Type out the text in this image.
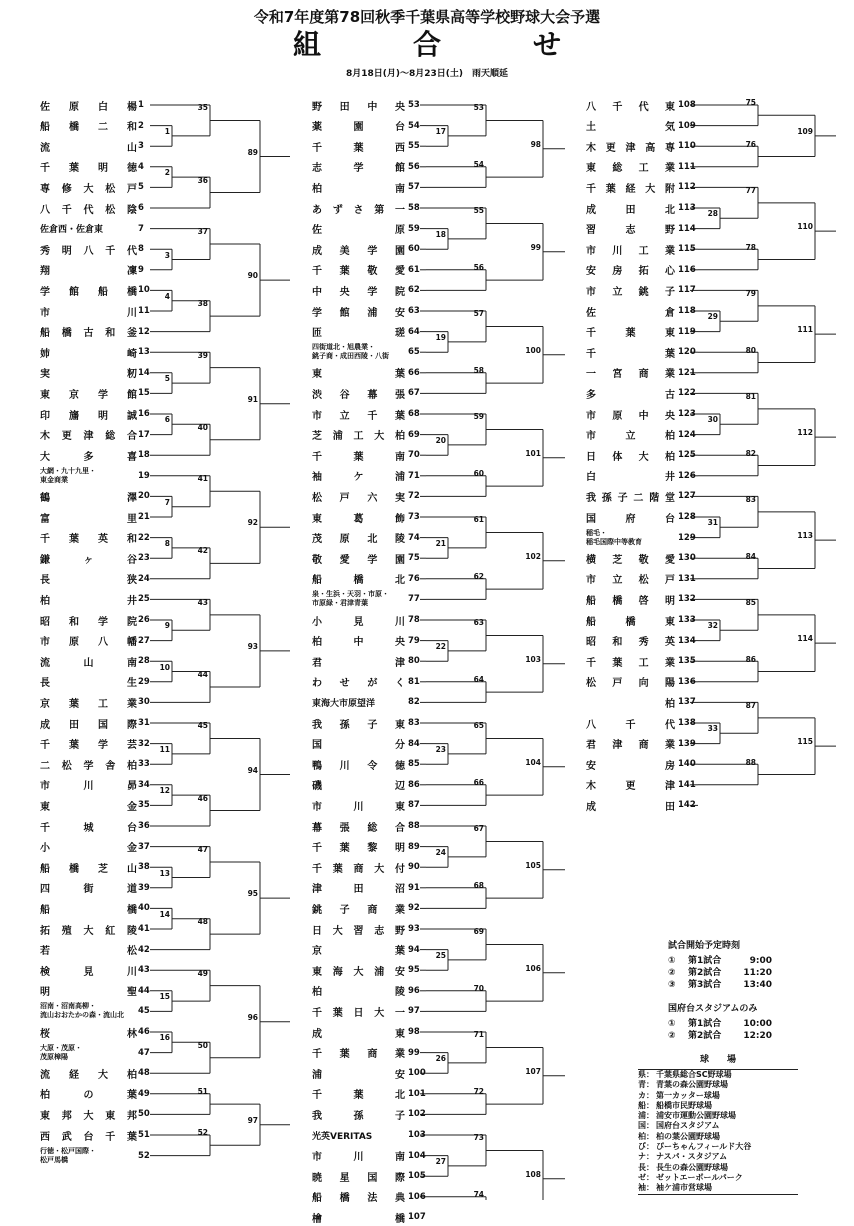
令和7年度第78回秋季千葉県高等学校野球大会予選
組　合　せ
8月18日(月)～8月23日(土)　雨天順延
佐 原 白 楊 1
船 橋 二 和 2
流	山 3
千 葉 明 徳 4
専 修 大 松 戸 5
八 千 代 松 陰 6
佐倉西・佐倉東	7
秀 明 八 千 代 8
翔	凜 9
学 館 船 橋 10
市	川 11
船 橋 古 和 釜 12
姉	崎 13
実	籾 14
東 京 学 館 15
印 旛 明 誠 16
木 更 津 総 合 17
大	多	喜 18
大網・九十九里・
東金商業	19
鶴	澤 20
富	里 21
千 葉 英 和 22
鎌	ヶ	谷 23
長	狭 24
柏	井 25
昭 和 学 院 26
市 原 八 幡 27
流	山	南 28
長	生 29
京 葉 工 業 30
成 田 国 際 31
千 葉 学 芸 32
二 松 学 舎 柏 33
市	川	昴 34
東	金 35
千	城	台 36
小	金 37
船 橋 芝 山 38
四	街	道 39
船	橋 40
拓 殖 大 紅 陵 41
若	松 42
検	見	川 43
明	聖 44
沼南・沼南高柳・
流山おおたかの森・流山北 45
桜	林 46
大原・茂原・
茂原樟陽	47
流 経 大 柏 48
柏	の	葉 49
東 邦 大 東 邦 50
西 武 台 千 葉 51
行徳・松戸国際・
松戸馬橋	52
野 田 中 央 53
薬	園	台 54
千	葉	西 55
志	学	館 56
柏	南 57
あ ず さ 第 一 58
佐	原 59
成 美 学 園 60
千 葉 敬 愛 61
中 央 学 院 62
学 館 浦 安 63
匝	瑳 64
四街道北・旭農業・
銚子商・成田西陵・八街 65
東	葉 66
渋 谷 幕 張 67
市 立 千 葉 68
芝 浦 工 大 柏 69
千	葉	南 70
袖	ケ	浦 71
松 戸 六 実 72
東	葛	飾 73
茂 原 北 陵 74
敬 愛 学 園 75
船	橋	北 76
泉・生浜・天羽・市原・
市原緑・君津青葉	77
小	見	川 78
柏	中	央 79
君	津 80
わ せ が く 81
東海大市原望洋	82
我 孫 子 東 83
国	分 84
鴨 川 令 徳 85
磯	辺 86
市	川	東 87
幕 張 総 合 88
千 葉 黎 明 89
千 葉 商 大 付 90
津	田	沼 91
銚 子 商 業 92
日 大 習 志 野 93
京	葉 94
東 海 大 浦 安 95
柏	陵 96
千 葉 日 大 一 97
成	東 98
千 葉 商 業 99
浦	安 100
千	葉	北 101
我	孫	子 102
光英VERITAS	103
市	川	南 104
暁 星 国 際 105
船 橋 法 典 106
檜	橋 107
八 千 代 東 108
土	気 109
木 更 津 高 専 110
東 総 工 業 111
千 葉 経 大 附 112
成	田	北 113
習	志	野 114
市 川 工 業 115
安 房 拓 心 116
市 立 銚 子 117
佐	倉 118
千	葉	東 119
千	葉 120
一 宮 商 業 121
多	古 122
市 原 中 央 123
市	立	柏 124
日 体 大 柏 125
白	井 126
我 孫 子 二 階 堂 127
国	府	台 128
稲毛・
稲毛国際中等教育	129
横 芝 敬 愛 130
市 立 松 戸 131
船 橋 啓 明 132
船	橋	東 133
昭 和 秀 英 134
千 葉 工 業 135
松 戸 向 陽 136
柏 137
八	千	代 138
君 津 商 業 139
安	房 140
木	更	津 141
成	田 142
1
35
2
36
89
3
37
4
38
90
5
39
6
40
91
7
41
8
42
92
9
43
10
44
93
11
45
12
46
94
13
47
14
48
95
15
49
16
50
96
51
52
97
17
53
54
98
18
55
56
99
19
57
58
100
20
59
60
101
21
61
62
102
22
63
64
103
23
65
66
104
24
67
68
105
25
69
70
106
26
71
72
107
27
73
74
108
75
76
109
28
77
78
110
29
79
80
111
30
81
82
112
31
83
84
113
32
85
86
114
33
87
88
115
試合開始予定時刻
①	第1試合	9:00
②	第2試合	11:20
③	第3試合	13:40
国府台スタジアムのみ
①	第1試合	10:00
②	第2試合	12:20
球　　場
県： 千葉県総合SC野球場
青： 青葉の森公園野球場
カ： 第一カッター球場
船： 船橋市民野球場
浦： 浦安市運動公園野球場
国： 国府台スタジアム
柏： 柏の葉公園野球場
び： ぴーちゃんフィールド大谷
ナ： ナスパ・スタジアム
長： 長生の森公園野球場
ゼ： ゼットエーボールパーク
袖： 袖ケ浦市営球場
